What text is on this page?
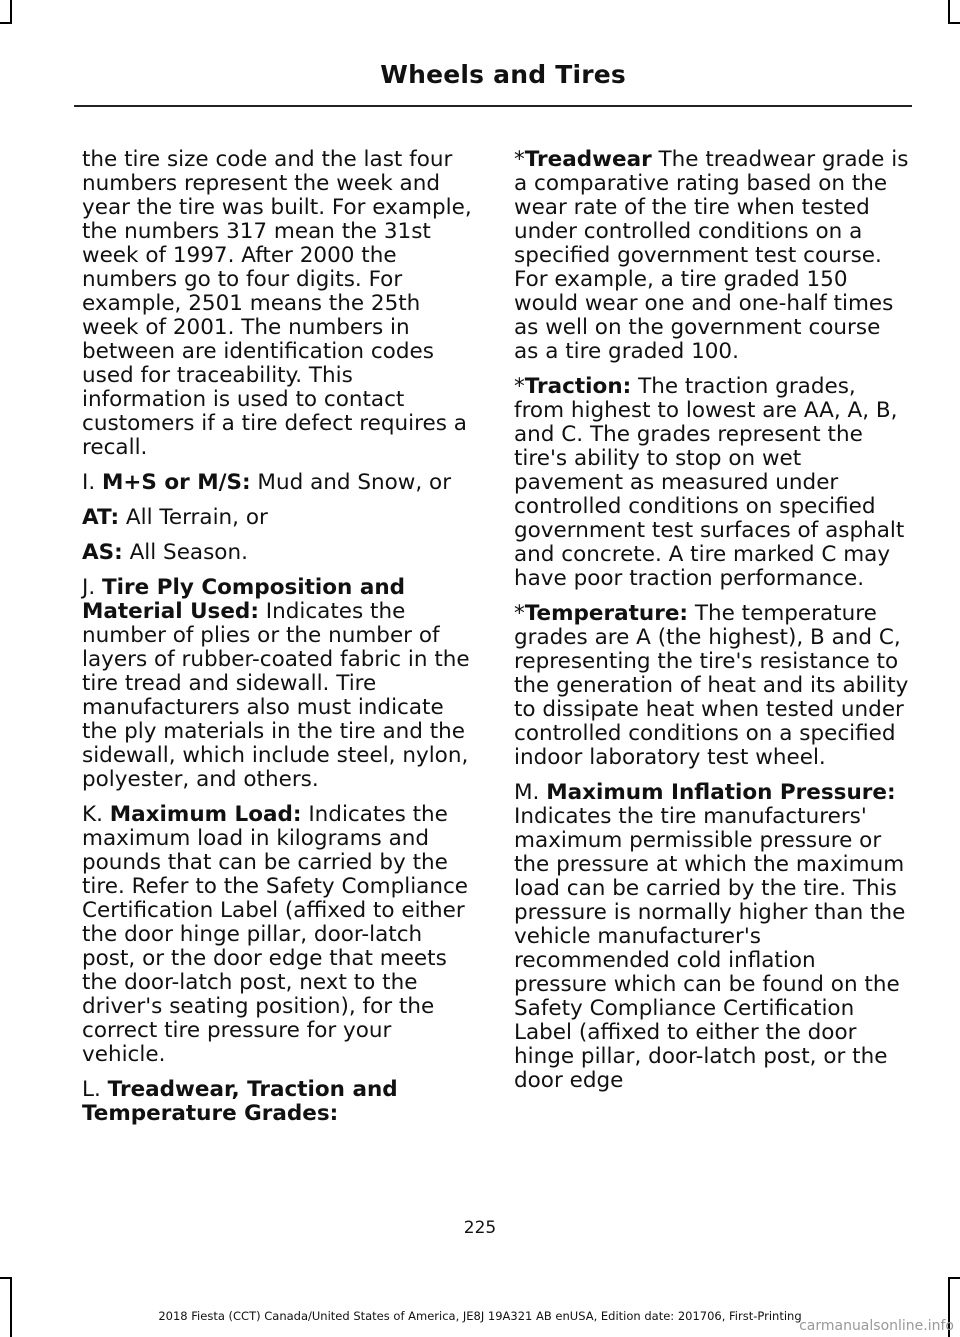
Wheels and Tires

the tire size code and the last four numbers represent the week and year the tire was built. For example, the numbers 317 mean the 31st week of 1997. After 2000 the numbers go to four digits. For example, 2501 means the 25th week of 2001. The numbers in between are identification codes used for traceability. This information is used to contact customers if a tire defect requires a recall.

I. M+S or M/S: Mud and Snow, or

AT: All Terrain, or

AS: All Season.

J. Tire Ply Composition and Material Used: Indicates the number of plies or the number of layers of rubber-coated fabric in the tire tread and sidewall. Tire manufacturers also must indicate the ply materials in the tire and the sidewall, which include steel, nylon, polyester, and others.

K. Maximum Load: Indicates the maximum load in kilograms and pounds that can be carried by the tire. Refer to the Safety Compliance Certification Label (affixed to either the door hinge pillar, door-latch post, or the door edge that meets the door-latch post, next to the driver's seating position), for the correct tire pressure for your vehicle.

L. Treadwear, Traction and Temperature Grades:

*Treadwear The treadwear grade is a comparative rating based on the wear rate of the tire when tested under controlled conditions on a specified government test course. For example, a tire graded 150 would wear one and one-half times as well on the government course as a tire graded 100.

*Traction: The traction grades, from highest to lowest are AA, A, B, and C. The grades represent the tire's ability to stop on wet pavement as measured under controlled conditions on specified government test surfaces of asphalt and concrete. A tire marked C may have poor traction performance.

*Temperature: The temperature grades are A (the highest), B and C, representing the tire's resistance to the generation of heat and its ability to dissipate heat when tested under controlled conditions on a specified indoor laboratory test wheel.

M. Maximum Inflation Pressure: Indicates the tire manufacturers' maximum permissible pressure or the pressure at which the maximum load can be carried by the tire. This pressure is normally higher than the vehicle manufacturer's recommended cold inflation pressure which can be found on the Safety Compliance Certification Label (affixed to either the door hinge pillar, door-latch post, or the door edge

225
2018 Fiesta (CCT) Canada/United States of America, JE8J 19A321 AB enUSA, Edition date: 201706, First-Printing
carmanualsonline.info
